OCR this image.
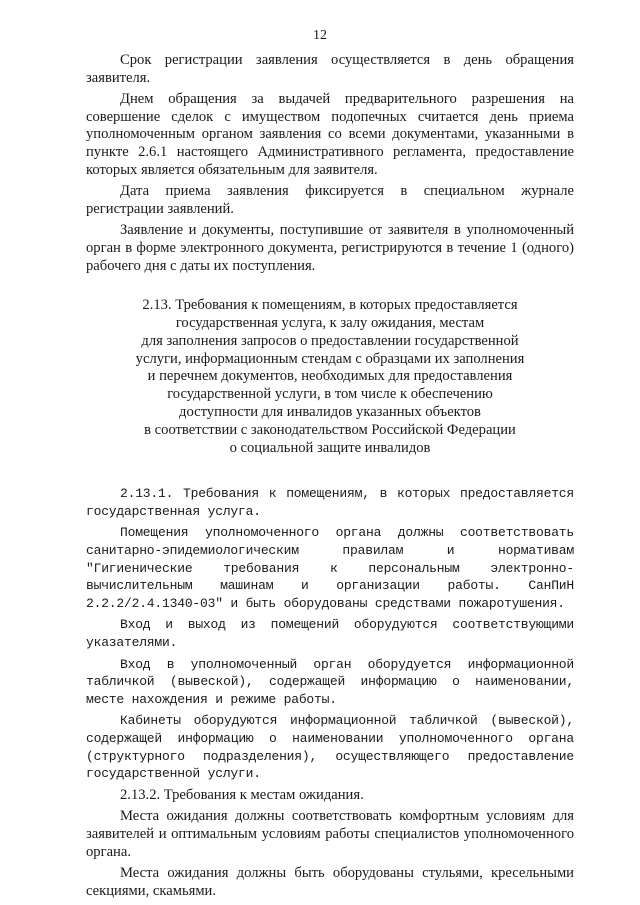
12

Срок регистрации заявления осуществляется в день обращения заявителя.

Днем обращения за выдачей предварительного разрешения на совершение сделок с имуществом подопечных считается день приема уполномоченным органом заявления со всеми документами, указанными в пункте 2.6.1 настоящего Административного регламента, предоставление которых является обязательным для заявителя.

Дата приема заявления фиксируется в специальном журнале регистрации заявлений.

Заявление и документы, поступившие от заявителя в уполномоченный орган в форме электронного документа, регистрируются в течение 1 (одного) рабочего дня с даты их поступления.

2.13. Требования к помещениям, в которых предоставляется
государственная услуга, к залу ожидания, местам
для заполнения запросов о предоставлении государственной
услуги, информационным стендам с образцами их заполнения
и перечнем документов, необходимых для предоставления
государственной услуги, в том числе к обеспечению
доступности для инвалидов указанных объектов
в соответствии с законодательством Российской Федерации
о социальной защите инвалидов

2.13.1. Требования к помещениям, в которых предоставляется государственная услуга.

Помещения уполномоченного органа должны соответствовать санитарно-эпидемиологическим правилам и нормативам "Гигиенические требования к персональным электронно-вычислительным машинам и организации работы. СанПиН 2.2.2/2.4.1340-03" и быть оборудованы средствами пожаротушения.

Вход и выход из помещений оборудуются соответствующими указателями.

Вход в уполномоченный орган оборудуется информационной табличкой (вывеской), содержащей информацию о наименовании, месте нахождения и режиме работы.

Кабинеты оборудуются информационной табличкой (вывеской), содержащей информацию о наименовании уполномоченного органа (структурного подразделения), осуществляющего предоставление государственной услуги.

2.13.2. Требования к местам ожидания.

Места ожидания должны соответствовать комфортным условиям для заявителей и оптимальным условиям работы специалистов уполномоченного органа.

Места ожидания должны быть оборудованы стульями, кресельными секциями, скамьями.
